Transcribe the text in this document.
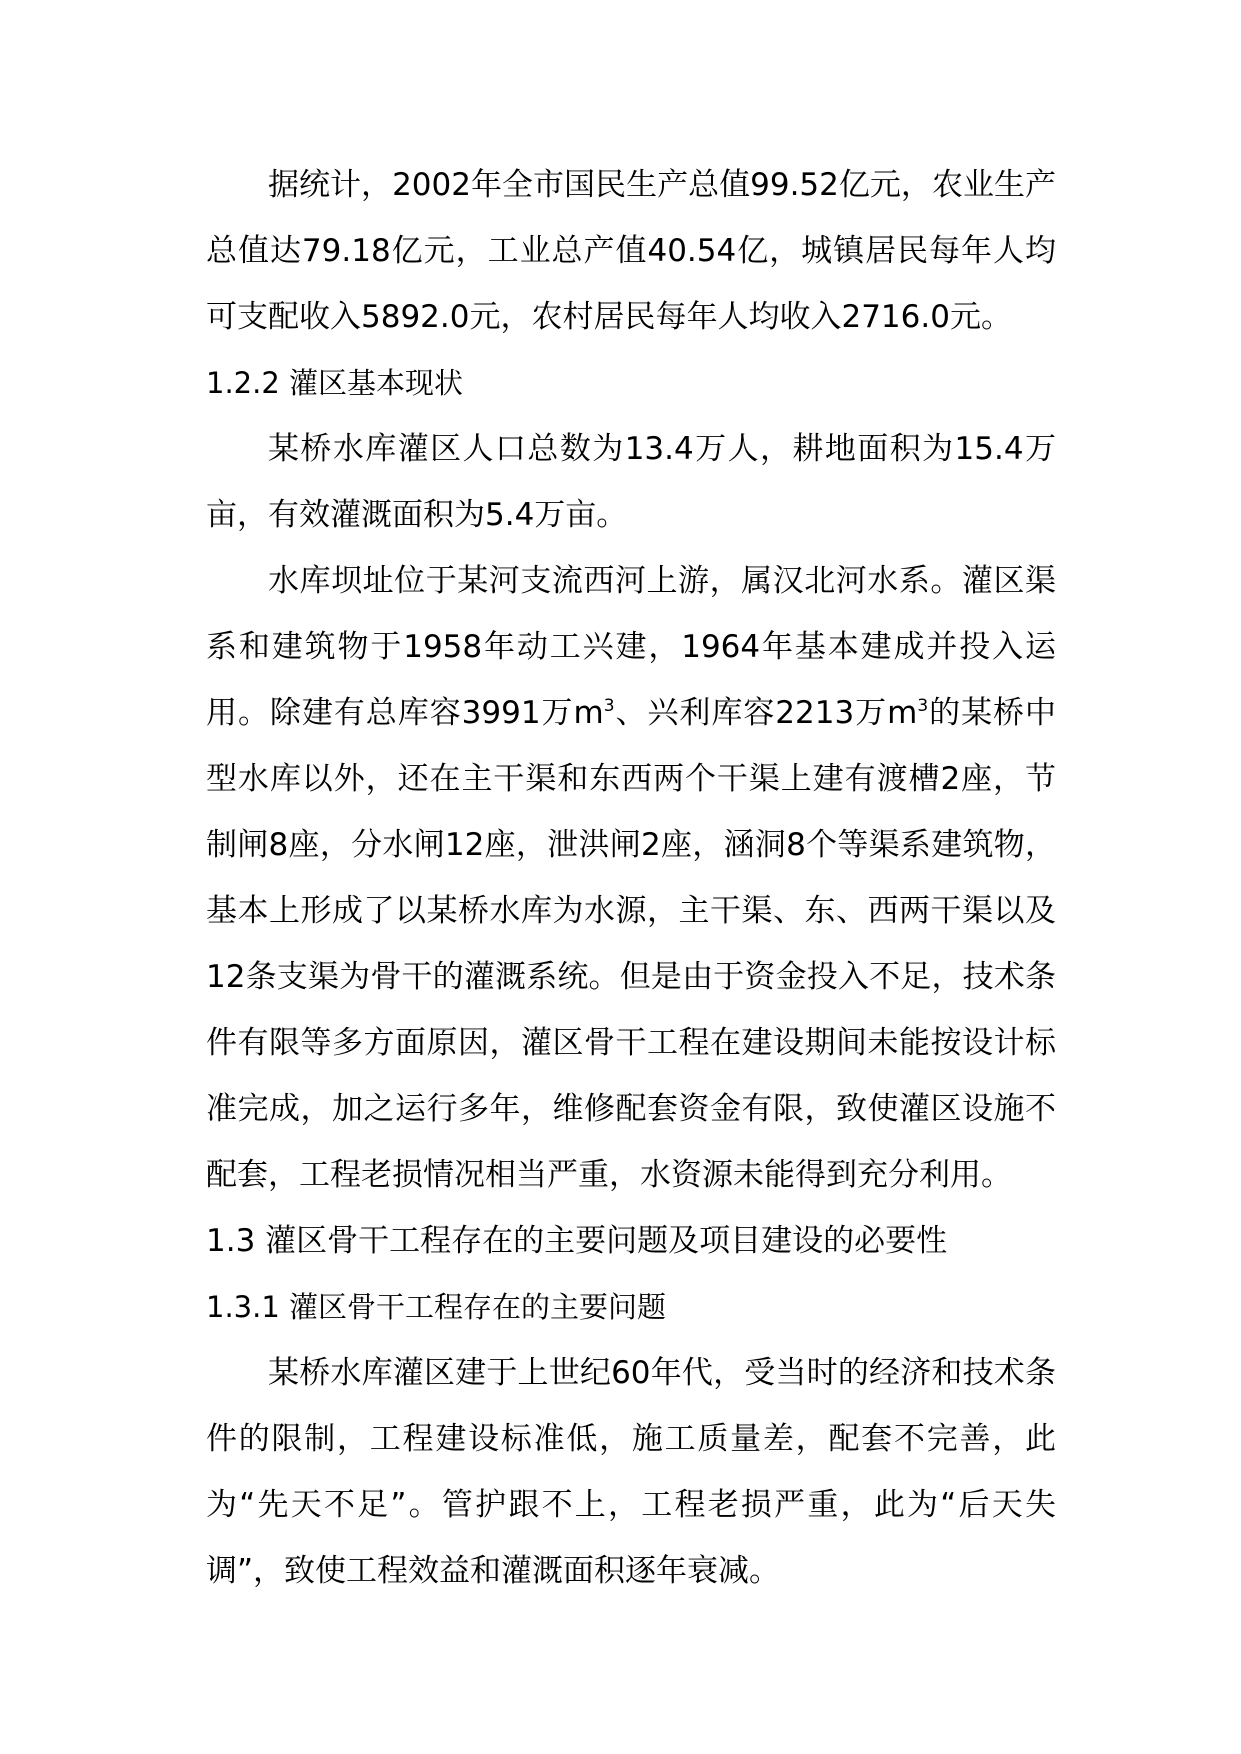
据统计，2002年全市国民生产总值99.52亿元，农业生产总值达79.18亿元，工业总产值40.54亿，城镇居民每年人均可支配收入5892.0元，农村居民每年人均收入2716.0元。

1.2.2 灌区基本现状

某桥水库灌区人口总数为13.4万人，耕地面积为15.4万亩，有效灌溉面积为5.4万亩。

水库坝址位于某河支流西河上游，属汉北河水系。灌区渠系和建筑物于1958年动工兴建，1964年基本建成并投入运用。除建有总库容3991万$m^3$、兴利库容2213万$m^3$的某桥中型水库以外，还在主干渠和东西两个干渠上建有渡槽2座，节制闸8座，分水闸12座，泄洪闸2座，涵洞8个等渠系建筑物，基本上形成了以某桥水库为水源，主干渠、东、西两干渠以及12条支渠为骨干的灌溉系统。但是由于资金投入不足，技术条件有限等多方面原因，灌区骨干工程在建设期间未能按设计标准完成，加之运行多年，维修配套资金有限，致使灌区设施不配套，工程老损情况相当严重，水资源未能得到充分利用。

1.3 灌区骨干工程存在的主要问题及项目建设的必要性

1.3.1 灌区骨干工程存在的主要问题

某桥水库灌区建于上世纪60年代，受当时的经济和技术条件的限制，工程建设标准低，施工质量差，配套不完善，此为“先天不足”。管护跟不上，工程老损严重，此为“后天失调”，致使工程效益和灌溉面积逐年衰减。
